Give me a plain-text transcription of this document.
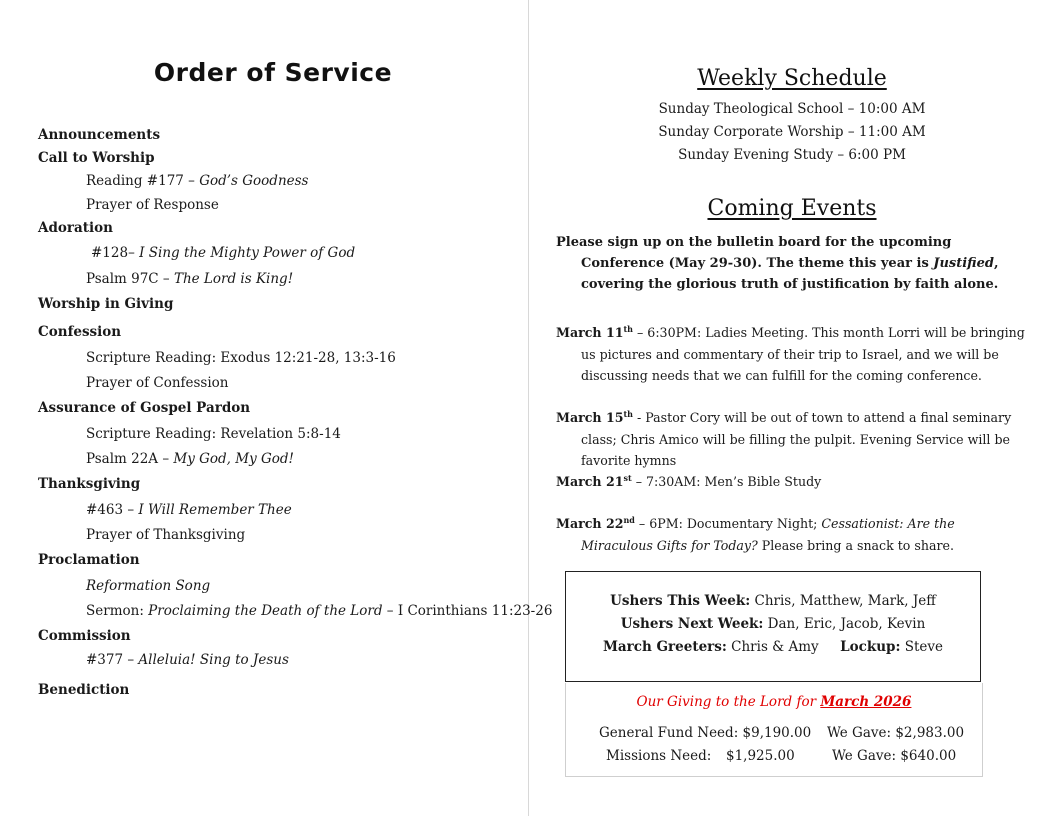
Order of Service
Announcements
Call to Worship
Reading #177 – God’s Goodness
Prayer of Response
Adoration
#128– I Sing the Mighty Power of God
Psalm 97C – The Lord is King!
Worship in Giving
Confession
Scripture Reading: Exodus 12:21-28, 13:3-16
Prayer of Confession
Assurance of Gospel Pardon
Scripture Reading: Revelation 5:8-14
Psalm 22A – My God, My God!
Thanksgiving
#463 – I Will Remember Thee
Prayer of Thanksgiving
Proclamation
Reformation Song
Sermon: Proclaiming the Death of the Lord – I Corinthians 11:23-26
Commission
#377 – Alleluia! Sing to Jesus
Benediction
Weekly Schedule
Sunday Theological School – 10:00 AM
Sunday Corporate Worship – 11:00 AM
Sunday Evening Study – 6:00 PM
Coming Events
Please sign up on the bulletin board for the upcoming Conference (May 29-30). The theme this year is Justified, covering the glorious truth of justification by faith alone.
March 11th – 6:30PM: Ladies Meeting. This month Lorri will be bringing us pictures and commentary of their trip to Israel, and we will be discussing needs that we can fulfill for the coming conference.
March 15th - Pastor Cory will be out of town to attend a final seminary class; Chris Amico will be filling the pulpit. Evening Service will be favorite hymns
March 21st – 7:30AM: Men’s Bible Study
March 22nd – 6PM: Documentary Night; Cessationist: Are the Miraculous Gifts for Today? Please bring a snack to share.
Ushers This Week: Chris, Matthew, Mark, Jeff
Ushers Next Week: Dan, Eric, Jacob, Kevin
March Greeters: Chris & Amy Lockup: Steve
Our Giving to the Lord for March 2026
General Fund Need: $9,190.00 We Gave: $2,983.00
Missions Need: $1,925.00	We Gave: $640.00
